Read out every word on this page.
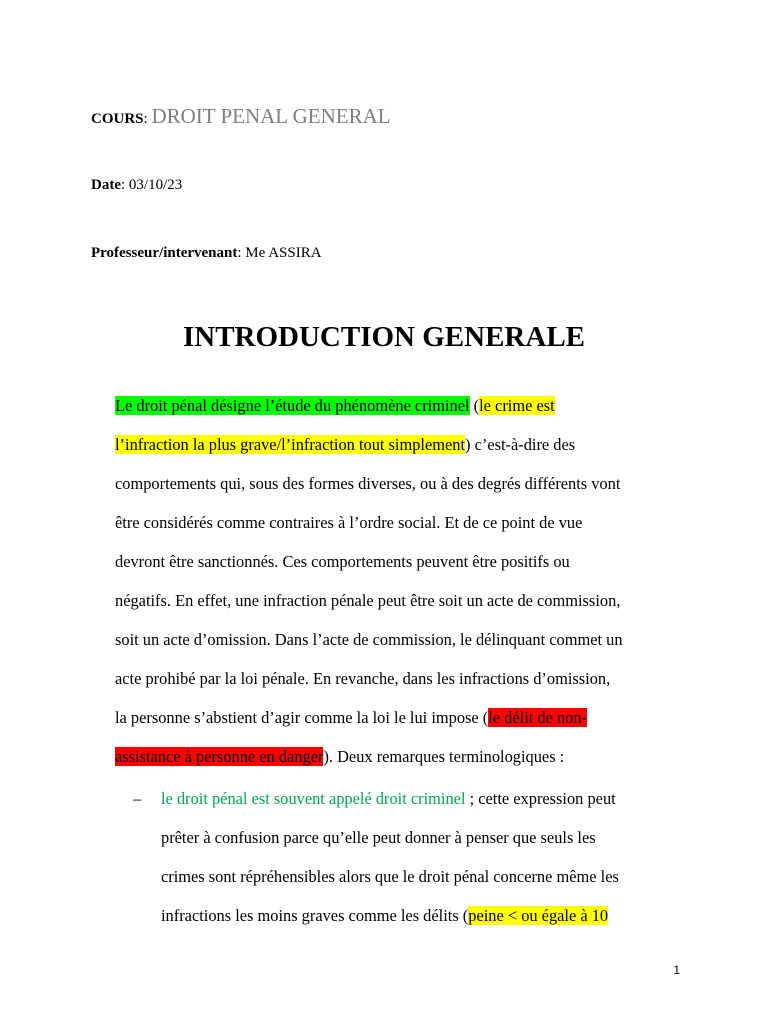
COURS: DROIT PENAL GENERAL
Date: 03/10/23
Professeur/intervenant: Me ASSIRA
INTRODUCTION GENERALE
Le droit pénal désigne l’étude du phénomène criminel (le crime est
l’infraction la plus grave/l’infraction tout simplement) c’est-à-dire des
comportements qui, sous des formes diverses, ou à des degrés différents vont
être considérés comme contraires à l’ordre social. Et de ce point de vue
devront être sanctionnés. Ces comportements peuvent être positifs ou
négatifs. En effet, une infraction pénale peut être soit un acte de commission,
soit un acte d’omission. Dans l’acte de commission, le délinquant commet un
acte prohibé par la loi pénale. En revanche, dans les infractions d’omission,
la personne s’abstient d’agir comme la loi le lui impose (le délit de non-
assistance à personne en danger). Deux remarques terminologiques :
– le droit pénal est souvent appelé droit criminel ; cette expression peut
prêter à confusion parce qu’elle peut donner à penser que seuls les
crimes sont répréhensibles alors que le droit pénal concerne même les
infractions les moins graves comme les délits (peine < ou égale à 10
1
